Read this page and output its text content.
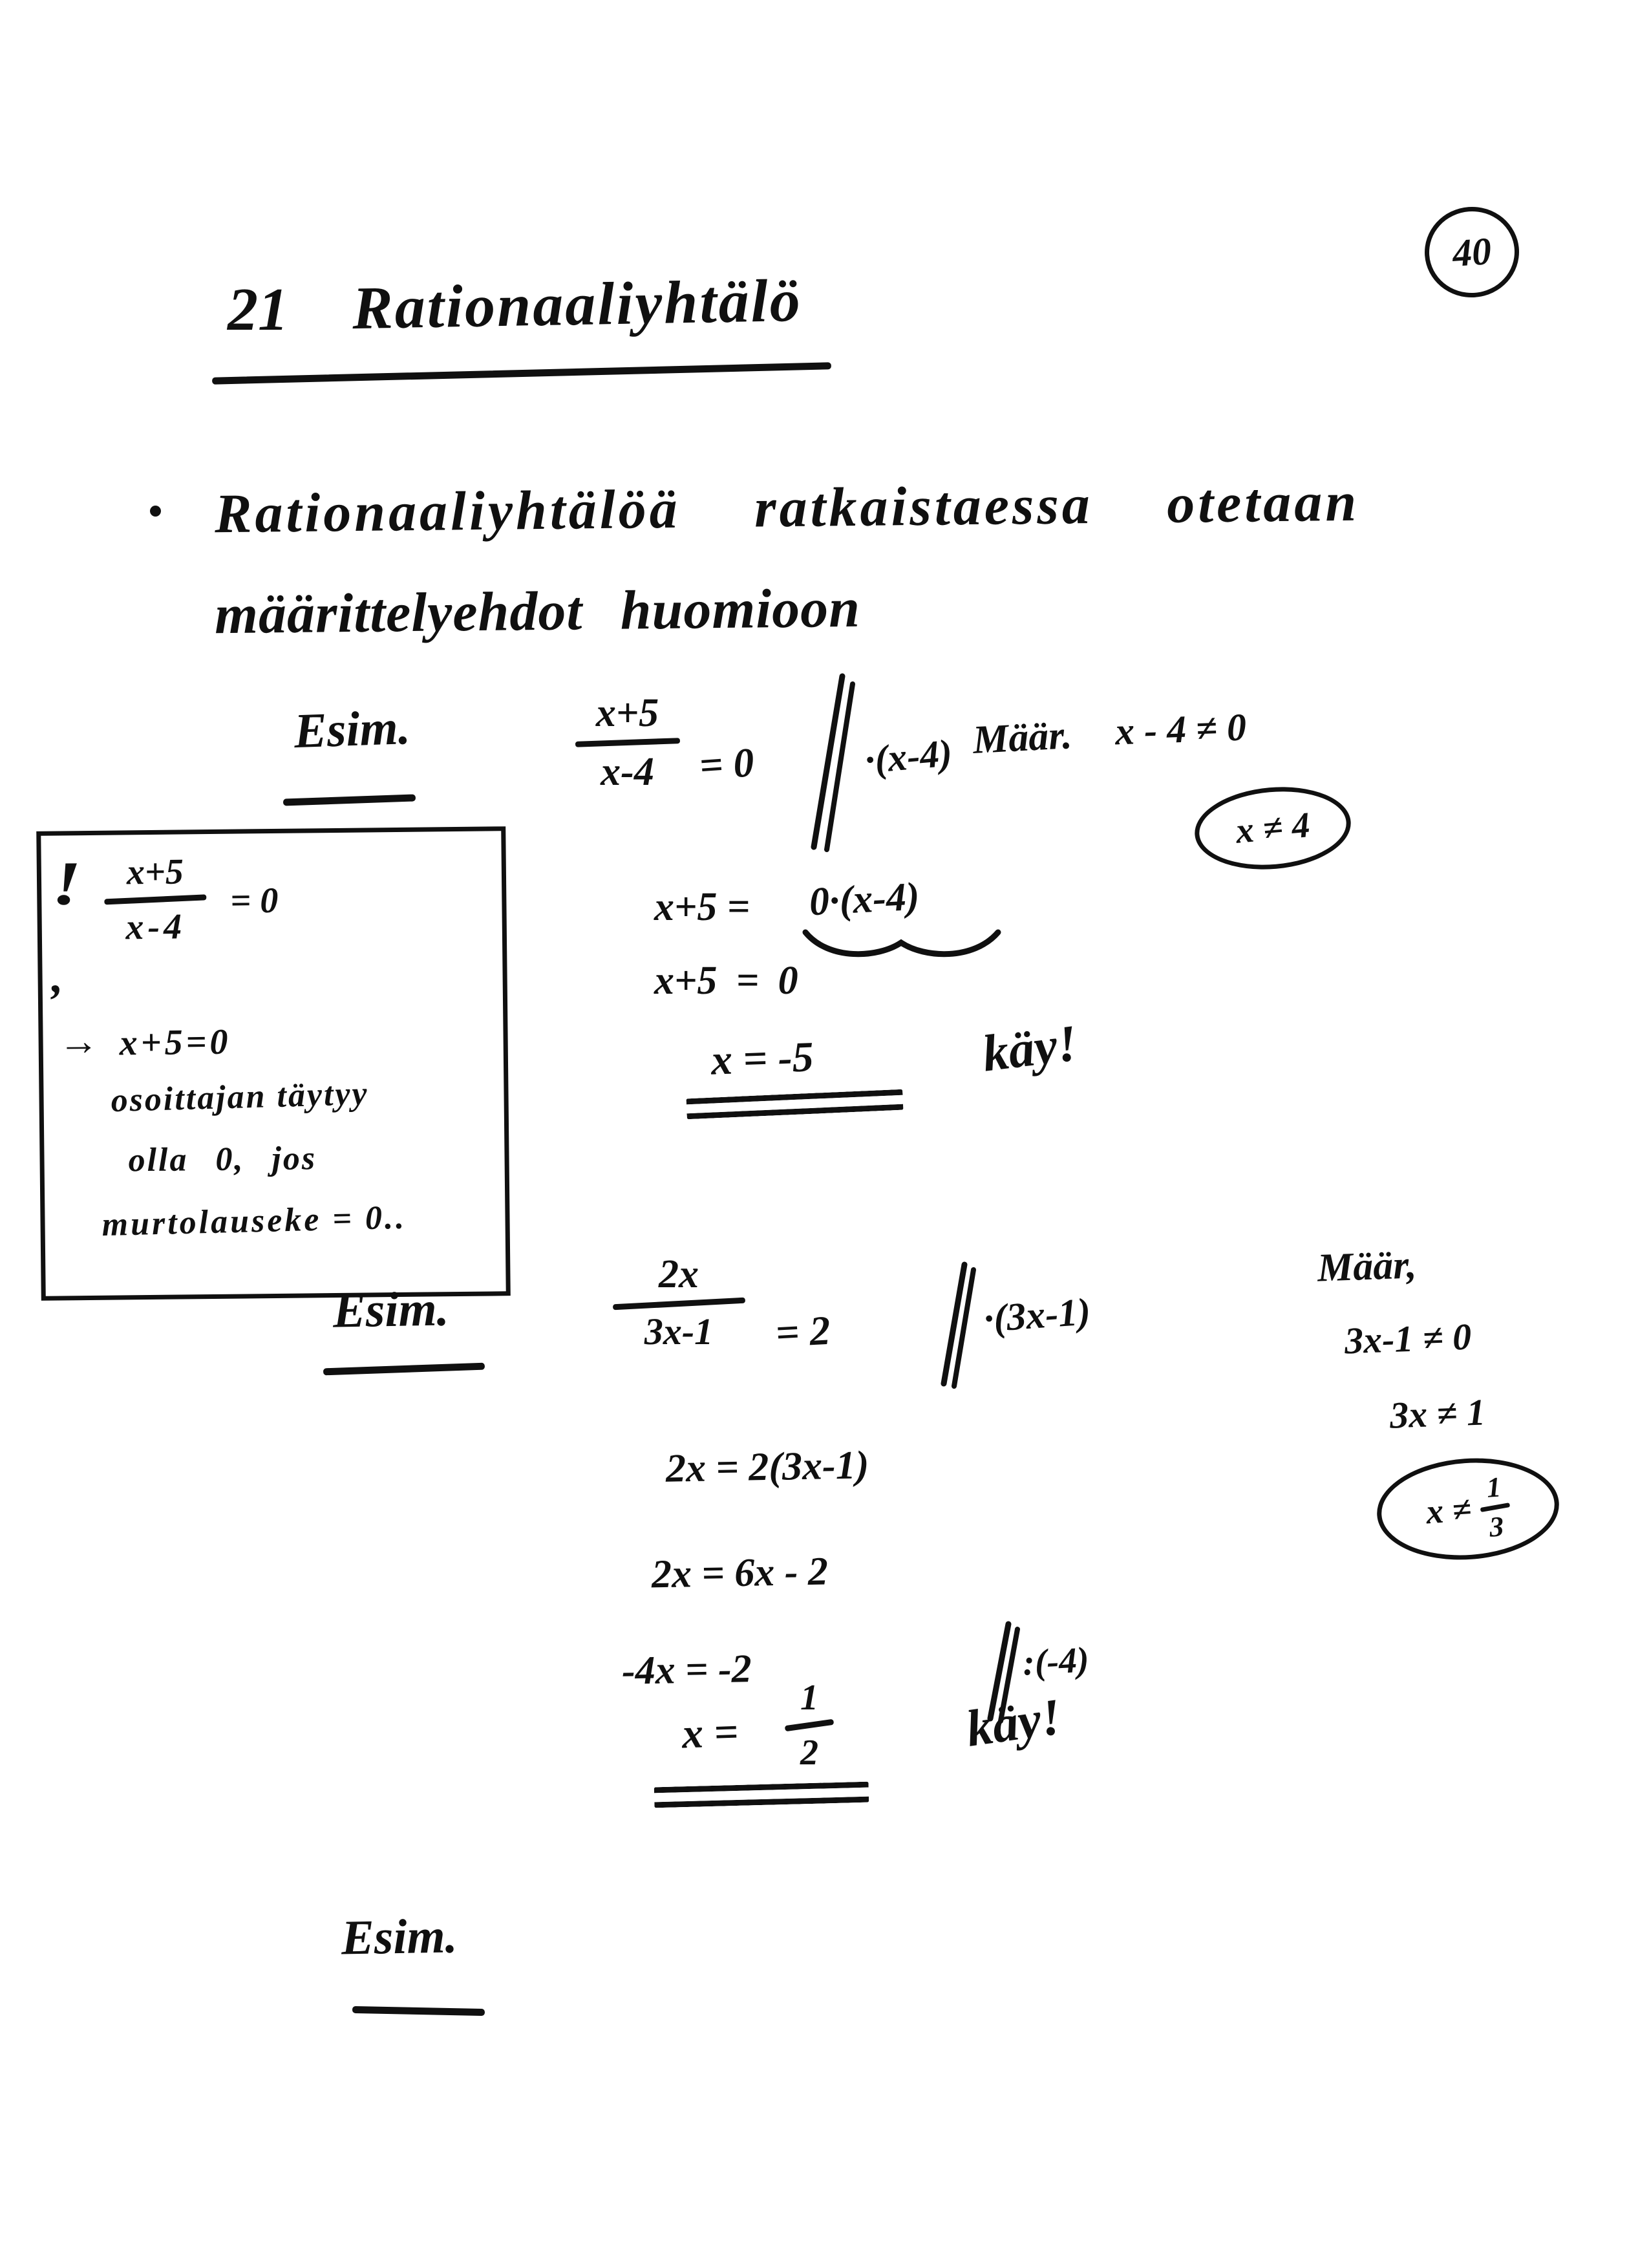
40
21 Rationaaliyhtälö
Rationaaliyhtälöä ratkaistaessa otetaan
määrittelyehdot huomioon
Esim.	x+5
x-4	= 0	·(x-4) Määr. x - 4 ≠ 0
x ≠ 4
!
,
x+5
x-4
= 0
→ x+5=0
osoittajan täytyy
olla 0, jos
murtolauseke = 0..
x+5 = 0·(x-4)
x+5 = 0
x = -5	käy!
Esim.
2x
3x-1	= 2	·(3x-1)
Määr,
3x-1 ≠ 0
3x ≠ 1
x ≠
1
3
2x = 2(3x-1)
2x = 6x - 2
-4x = -2	:(-4)
x =
1
2	käy!
Esim.
